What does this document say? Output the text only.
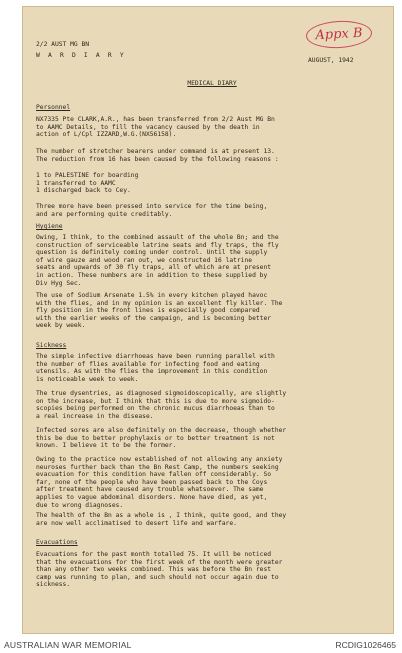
Appx B
2/2 AUST MG BN
W A R D I A R Y
AUGUST, 1942
MEDICAL DIARY
Personnel
NX7335 Pte CLARK,A.R., has been transferred from 2/2 Aust MG Bn
to AAMC Details, to fill the vacancy caused by the death in
action of L/Cpl IZZARD,W.G.(NX56158).
The number of stretcher bearers under command is at present 13.
The reduction from 16 has been caused by the following reasons :
1 to PALESTINE for boarding
1 transferred to AAMC
1 discharged back to Cey.
Three more have been pressed into service for the time being,
and are performing quite creditably.
Hygiene
Owing, I think, to the combined assault of the whole Bn; and the
construction of serviceable latrine seats and fly traps, the fly
question is definitely coming under control. Until the supply
of wire gauze and wood ran out, we constructed 16 latrine
seats and upwards of 30 fly traps, all of which are at present
in action. These numbers are in addition to these supplied by
Div Hyg Sec.
The use of Sodium Arsenate 1.5% in every kitchen played havoc
with the flies, and in my opinion is an excellent fly killer. The
fly position in the front lines is especially good compared
with the earlier weeks of the campaign, and is becoming better
week by week.
Sickness
The simple infective diarrhoeas have been running parallel with
the number of flies available for infecting food and eating
utensils. As with the flies the improvement in this condition
is noticeable week to week.
The true dysentries, as diagnosed sigmoidoscopically, are slightly
on the increase, but I think that this is due to more sigmoido-
scopies being performed on the chronic mucus diarrhoeas than to
a real increase in the disease.
Infected sores are also definitely on the decrease, though whether
this be due to better prophylaxis or to better treatment is not
known. I believe it to be the former.
Owing to the practice now established of not allowing any anxiety
neuroses further back than the Bn Rest Camp, the numbers seeking
evacuation for this condition have fallen off considerably. So
far, none of the people who have been passed back to the Coys
after treatment have caused any trouble whatsoever. The same
applies to vague abdominal disorders. None have died, as yet,
due to wrong diagnoses.
The health of the Bn as a whole is , I think, quite good, and they
are now well acclimatised to desert life and warfare.
Evacuations
Evacuations for the past month totalled 75. It will be noticed
that the evacuations for the first week of the month were greater
than any other two weeks combined. This was before the Bn rest
camp was running to plan, and such should not occur again due to
sickness.
AUSTRALIAN WAR MEMORIAL	RCDIG1026465
